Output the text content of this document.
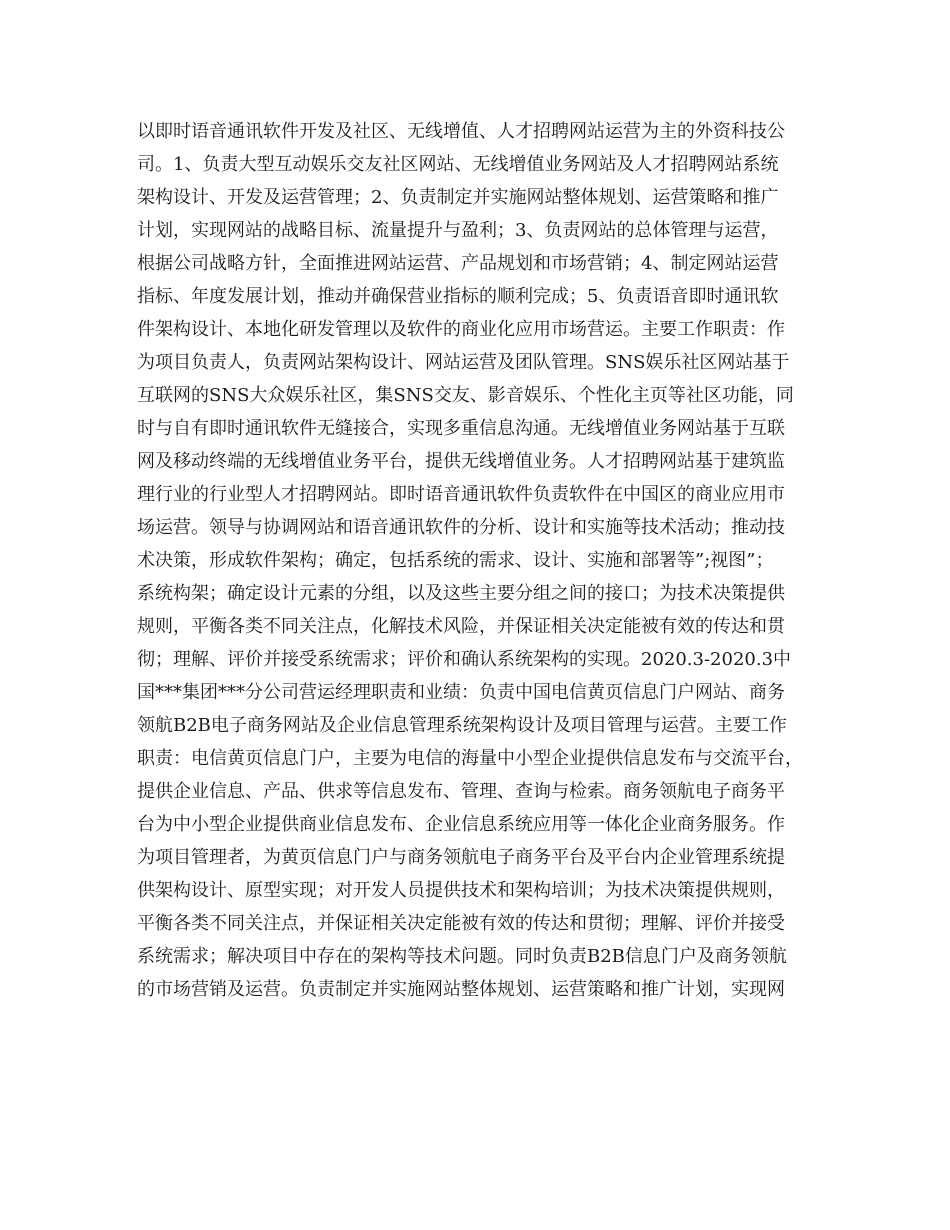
以即时语音通讯软件开发及社区、无线增值、人才招聘网站运营为主的外资科技公
司。1、负责大型互动娱乐交友社区网站、无线增值业务网站及人才招聘网站系统
架构设计、开发及运营管理；2、负责制定并实施网站整体规划、运营策略和推广
计划，实现网站的战略目标、流量提升与盈利；3、负责网站的总体管理与运营，
根据公司战略方针，全面推进网站运营、产品规划和市场营销；4、制定网站运营
指标、年度发展计划，推动并确保营业指标的顺利完成；5、负责语音即时通讯软
件架构设计、本地化研发管理以及软件的商业化应用市场营运。主要工作职责：作
为项目负责人，负责网站架构设计、网站运营及团队管理。SNS娱乐社区网站基于
互联网的SNS大众娱乐社区，集SNS交友、影音娱乐、个性化主页等社区功能，同
时与自有即时通讯软件无缝接合，实现多重信息沟通。无线增值业务网站基于互联
网及移动终端的无线增值业务平台，提供无线增值业务。人才招聘网站基于建筑监
理行业的行业型人才招聘网站。即时语音通讯软件负责软件在中国区的商业应用市
场运营。领导与协调网站和语音通讯软件的分析、设计和实施等技术活动；推动技
术决策，形成软件架构；确定，包括系统的需求、设计、实施和部署等”;视图”；
系统构架；确定设计元素的分组，以及这些主要分组之间的接口；为技术决策提供
规则，平衡各类不同关注点，化解技术风险，并保证相关决定能被有效的传达和贯
彻；理解、评价并接受系统需求；评价和确认系统架构的实现。2020.3-2020.3中
国***集团***分公司营运经理职责和业绩：负责中国电信黄页信息门户网站、商务
领航B2B电子商务网站及企业信息管理系统架构设计及项目管理与运营。主要工作
职责：电信黄页信息门户，主要为电信的海量中小型企业提供信息发布与交流平台，
提供企业信息、产品、供求等信息发布、管理、查询与检索。商务领航电子商务平
台为中小型企业提供商业信息发布、企业信息系统应用等一体化企业商务服务。作
为项目管理者，为黄页信息门户与商务领航电子商务平台及平台内企业管理系统提
供架构设计、原型实现；对开发人员提供技术和架构培训；为技术决策提供规则，
平衡各类不同关注点，并保证相关决定能被有效的传达和贯彻；理解、评价并接受
系统需求；解决项目中存在的架构等技术问题。同时负责B2B信息门户及商务领航
的市场营销及运营。负责制定并实施网站整体规划、运营策略和推广计划，实现网
